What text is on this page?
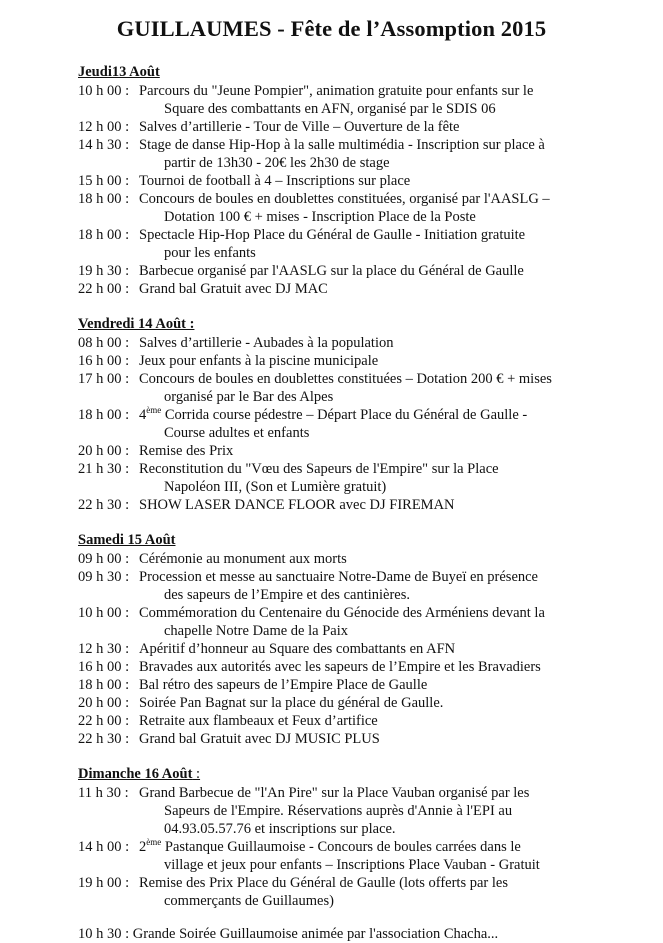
GUILLAUMES - Fête de l’Assomption 2015
Jeudi13 Août
10 h 00 : Parcours du "Jeune Pompier", animation gratuite pour enfants sur le
Square des combattants en AFN, organisé par le SDIS 06
12 h 00 : Salves d’artillerie - Tour de Ville – Ouverture de la fête
14 h 30 : Stage de danse Hip-Hop à la salle multimédia - Inscription sur place à
partir de 13h30 - 20€ les 2h30 de stage
15 h 00 : Tournoi de football à 4 – Inscriptions sur place
18 h 00 : Concours de boules en doublettes constituées, organisé par l'AASLG –
Dotation 100 € + mises - Inscription Place de la Poste
18 h 00 : Spectacle Hip-Hop Place du Général de Gaulle - Initiation gratuite
pour les enfants
19 h 30 : Barbecue organisé par l'AASLG sur la place du Général de Gaulle
22 h 00 : Grand bal Gratuit avec DJ MAC
Vendredi 14 Août :
08 h 00 : Salves d’artillerie - Aubades à la population
16 h 00 : Jeux pour enfants à la piscine municipale
17 h 00 : Concours de boules en doublettes constituées – Dotation 200 € + mises
organisé par le Bar des Alpes
18 h 00 : 4ème Corrida course pédestre – Départ Place du Général de Gaulle -
Course adultes et enfants
20 h 00 : Remise des Prix
21 h 30 : Reconstitution du "Vœu des Sapeurs de l'Empire" sur la Place
Napoléon III, (Son et Lumière gratuit)
22 h 30 : SHOW LASER DANCE FLOOR avec DJ FIREMAN
Samedi 15 Août
09 h 00 : Cérémonie au monument aux morts
09 h 30 : Procession et messe au sanctuaire Notre-Dame de Buyeï en présence
des sapeurs de l’Empire et des cantinières.
10 h 00 : Commémoration du Centenaire du Génocide des Arméniens devant la
chapelle Notre Dame de la Paix
12 h 30 : Apéritif d’honneur au Square des combattants en AFN
16 h 00 : Bravades aux autorités avec les sapeurs de l’Empire et les Bravadiers
18 h 00 : Bal rétro des sapeurs de l’Empire Place de Gaulle
20 h 00 : Soirée Pan Bagnat sur la place du général de Gaulle.
22 h 00 : Retraite aux flambeaux et Feux d’artifice
22 h 30 : Grand bal Gratuit avec DJ MUSIC PLUS
Dimanche 16 Août :
11 h 30 : Grand Barbecue de "l'An Pire" sur la Place Vauban organisé par les
Sapeurs de l'Empire. Réservations auprès d'Annie à l'EPI au
04.93.05.57.76 et inscriptions sur place.
14 h 00 : 2ème Pastanque Guillaumoise - Concours de boules carrées dans le
village et jeux pour enfants – Inscriptions Place Vauban - Gratuit
19 h 00 : Remise des Prix Place du Général de Gaulle (lots offerts par les
commerçants de Guillaumes)
10 h 30 : Grande Soirée Guillaumoise animée par l'association Chacha...
